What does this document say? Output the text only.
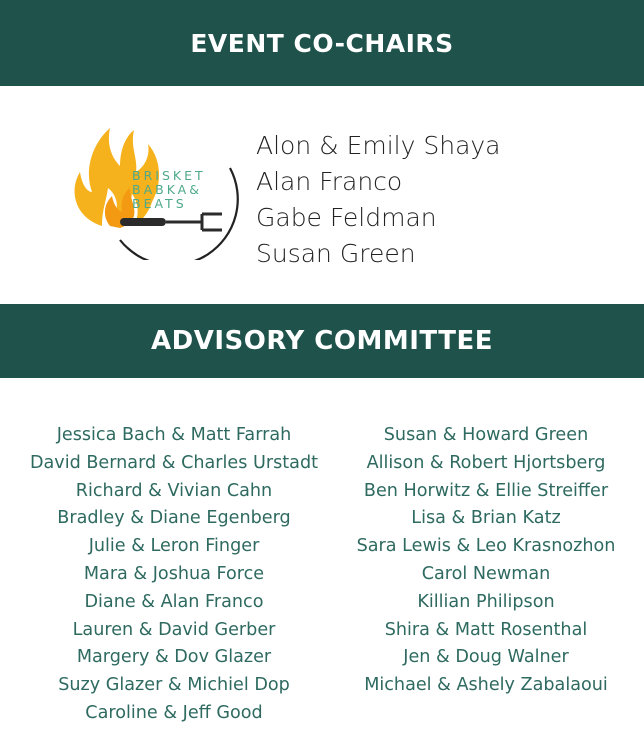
EVENT CO-CHAIRS
BRISKET
BABKA&
BEATS
Alon & Emily Shaya
Alan Franco
Gabe Feldman
Susan Green
ADVISORY COMMITTEE
Jessica Bach & Matt Farrah
David Bernard & Charles Urstadt
Richard & Vivian Cahn
Bradley & Diane Egenberg
Julie & Leron Finger
Mara & Joshua Force
Diane & Alan Franco
Lauren & David Gerber
Margery & Dov Glazer
Suzy Glazer & Michiel Dop
Caroline & Jeff Good
Susan & Howard Green
Allison & Robert Hjortsberg
Ben Horwitz & Ellie Streiffer
Lisa & Brian Katz
Sara Lewis & Leo Krasnozhon
Carol Newman
Killian Philipson
Shira & Matt Rosenthal
Jen & Doug Walner
Michael & Ashely Zabalaoui
